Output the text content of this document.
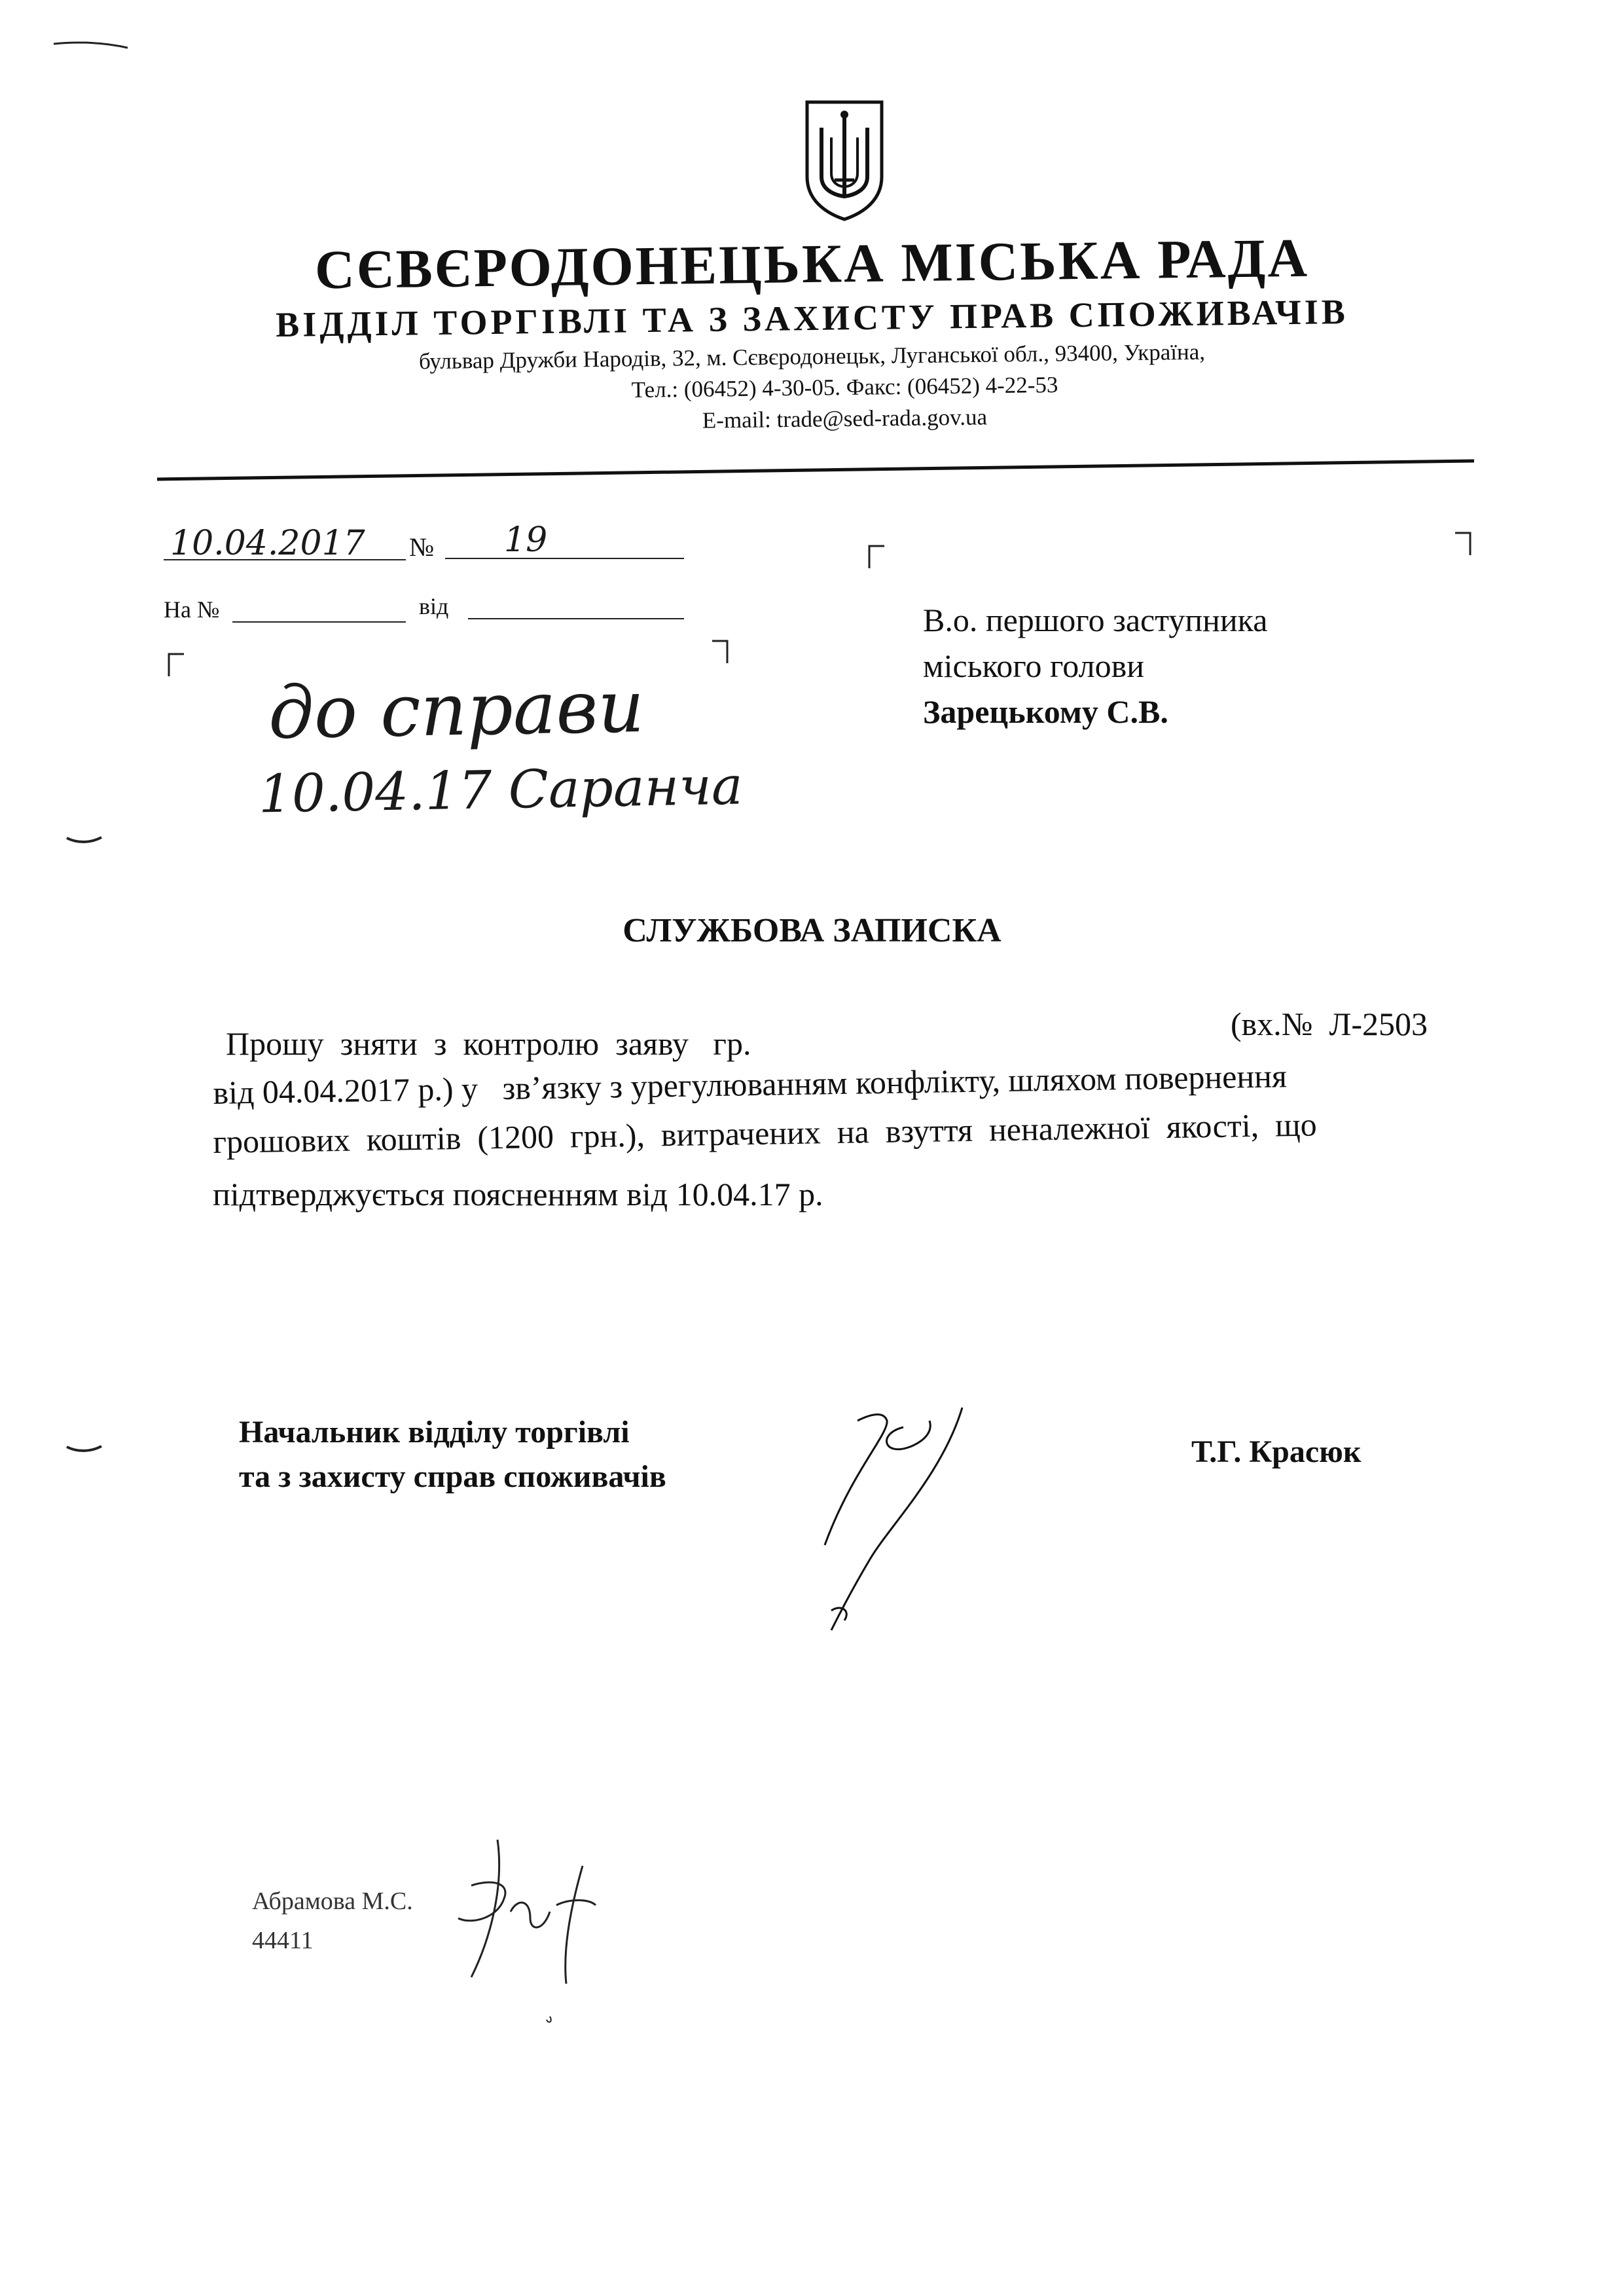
СЄВЄРОДОНЕЦЬКА МІСЬКА РАДА
ВІДДІЛ ТОРГІВЛІ ТА З ЗАХИСТУ ПРАВ СПОЖИВАЧІВ
бульвар Дружби Народів, 32, м. Сєвєродонецьк, Луганської обл., 93400, Україна,
Тел.: (06452) 4-30-05. Факс: (06452) 4-22-53
E-mail: trade@sed-rada.gov.ua
10.04.2017 № 19
На №	від
до справи
10.04.17 Саранча
В.о. першого заступника
міського голови
Зарецькому С.В.
СЛУЖБОВА ЗАПИСКА
Прошу  зняти  з  контролю  заяву   гр.
(вх.№  Л-2503
від 04.04.2017 р.) у   зв’язку з урегулюванням конфлікту, шляхом повернення
грошових  коштів  (1200  грн.),  витрачених  на  взуття  неналежної  якості,  що
підтверджується поясненням від 10.04.17 р.
Начальник відділу торгівлі
та з захисту справ споживачів
Т.Г. Красюк
Абрамова М.С.
44411
